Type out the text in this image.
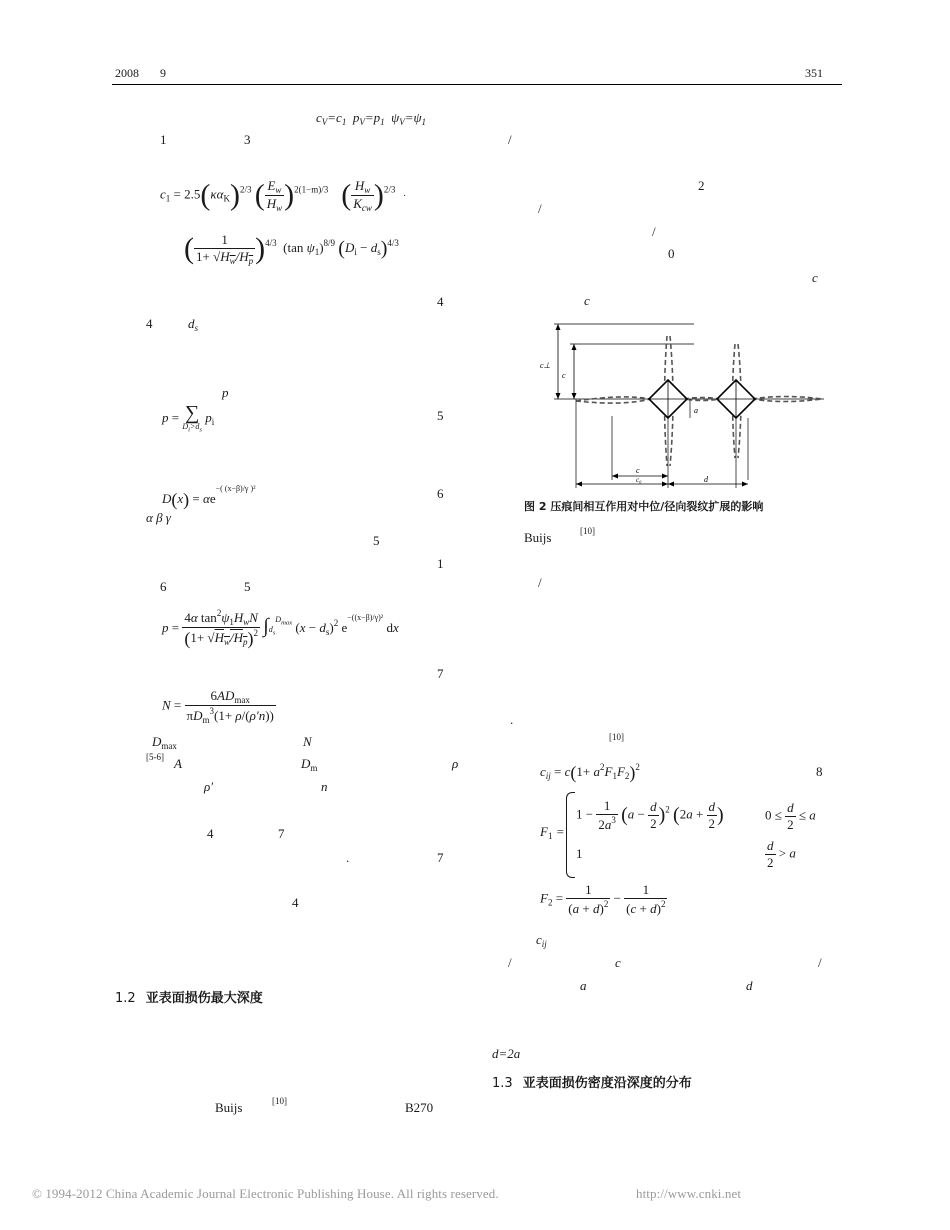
2008 9	351
$c_V=c_1$ $p_V=p_1$ $\psi_V=\psi_1$
1	3
$c_1 = 2.5(\kappa\alpha_K)^{2/3}$ ( $\frac{E_w}{H_w} )^{2(1-m)/3}$ ( $\frac{H_w}{K_{cw}} )^{2/3}$   ·
( $\frac{1}{1+ √H_w/H_p} )^{4/3}$  (tan $\psi_1)^{8/9}$ $(D_i - d_s)^{4/3}$
4
4	$d_s$
p
p = ∑
$D_i>d_s$
$p_i$	5
$D(x) = \alpha e^{-( (x-\beta)/\gamma )^2}$	6
α β γ
5
1
6	5
$p = \frac{4\alpha \tan^2\psi_1H_wN}{(1+ √H_w/H_p)^2} \int d_s^{D_{max}}$ $(x - d_s)^2$ $e^{-((x-\beta)/\gamma)^2}$ dx
7
$N = \frac{6AD_{max}}{\pi D_m^3(1+ \rho/(\rho'n))}$
$D_{max}$	N
[5-6] A	$D_m$	ρ
ρ′	n
4	7
.	7
4
1.2 亚表面损伤最大深度
Buijs	[10]	B270
/
2
/
/
0
c
c
c⊥
c
a
c
c₀	d
图 2 压痕间相互作用对中位/径向裂纹扩展的影响
Buijs	[10]
/
.
[10]
$c_{ij} = c(1+ a^2F_1F_2)^2$	8
$F_1$ =
$1 - \frac{1}{2a^3} (a - \frac{d}{2} )^2$ ($2a + \frac{d}{2}$ )	$0 \le \frac{d}{2} \le a$
1	$\frac{d}{2} > a$
$F_2 = \frac{1}{(a + d)^2} - \frac{1}{(c + d)^2}$
$c_{ij}$
/	c	/
a	d
d=2a
1.3 亚表面损伤密度沿深度的分布
© 1994-2012 China Academic Journal Electronic Publishing House. All rights reserved.	http://www.cnki.net
